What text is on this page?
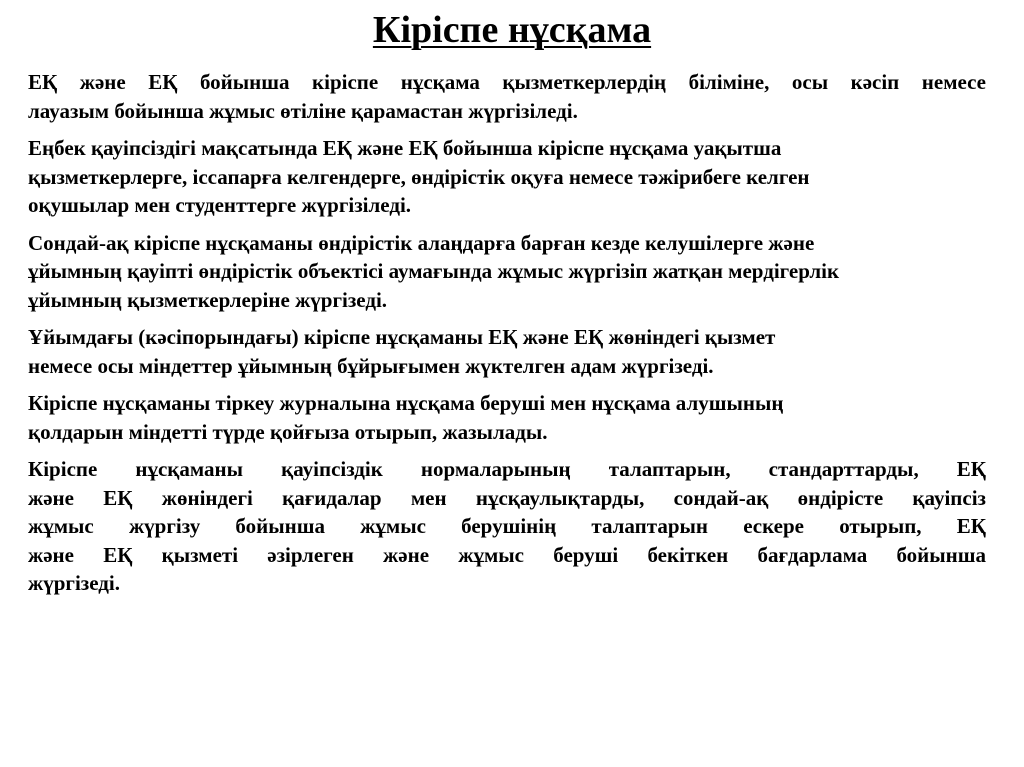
Кіріспе нұсқама
ЕҚ және ЕҚ бойынша кіріспе нұсқама қызметкерлердің біліміне, осы кәсіп немесе
лауазым бойынша жұмыс өтіліне қарамастан жүргізіледі.
Еңбек қауіпсіздігі мақсатында ЕҚ және ЕҚ бойынша кіріспе нұсқама уақытша
қызметкерлерге, іссапарға келгендерге, өндірістік оқуға немесе тәжірибеге келген
оқушылар мен студенттерге жүргізіледі.
Сондай-ақ кіріспе нұсқаманы өндірістік алаңдарға барған кезде келушілерге және
ұйымның қауіпті өндірістік объектісі аумағында жұмыс жүргізіп жатқан мердігерлік
ұйымның қызметкерлеріне жүргізеді.
Ұйымдағы (кәсіпорындағы) кіріспе нұсқаманы ЕҚ және ЕҚ жөніндегі қызмет
немесе осы міндеттер ұйымның бұйрығымен жүктелген адам жүргізеді.
Кіріспе нұсқаманы тіркеу журналына нұсқама беруші мен нұсқама алушының
қолдарын міндетті түрде қойғыза отырып, жазылады.
Кіріспе нұсқаманы қауіпсіздік нормаларының талаптарын, стандарттарды, ЕҚ
және ЕҚ жөніндегі қағидалар мен нұсқаулықтарды, сондай-ақ өндірісте қауіпсіз
жұмыс жүргізу бойынша жұмыс берушінің талаптарын ескере отырып, ЕҚ
және ЕҚ қызметі әзірлеген және жұмыс беруші бекіткен бағдарлама бойынша
жүргізеді.
